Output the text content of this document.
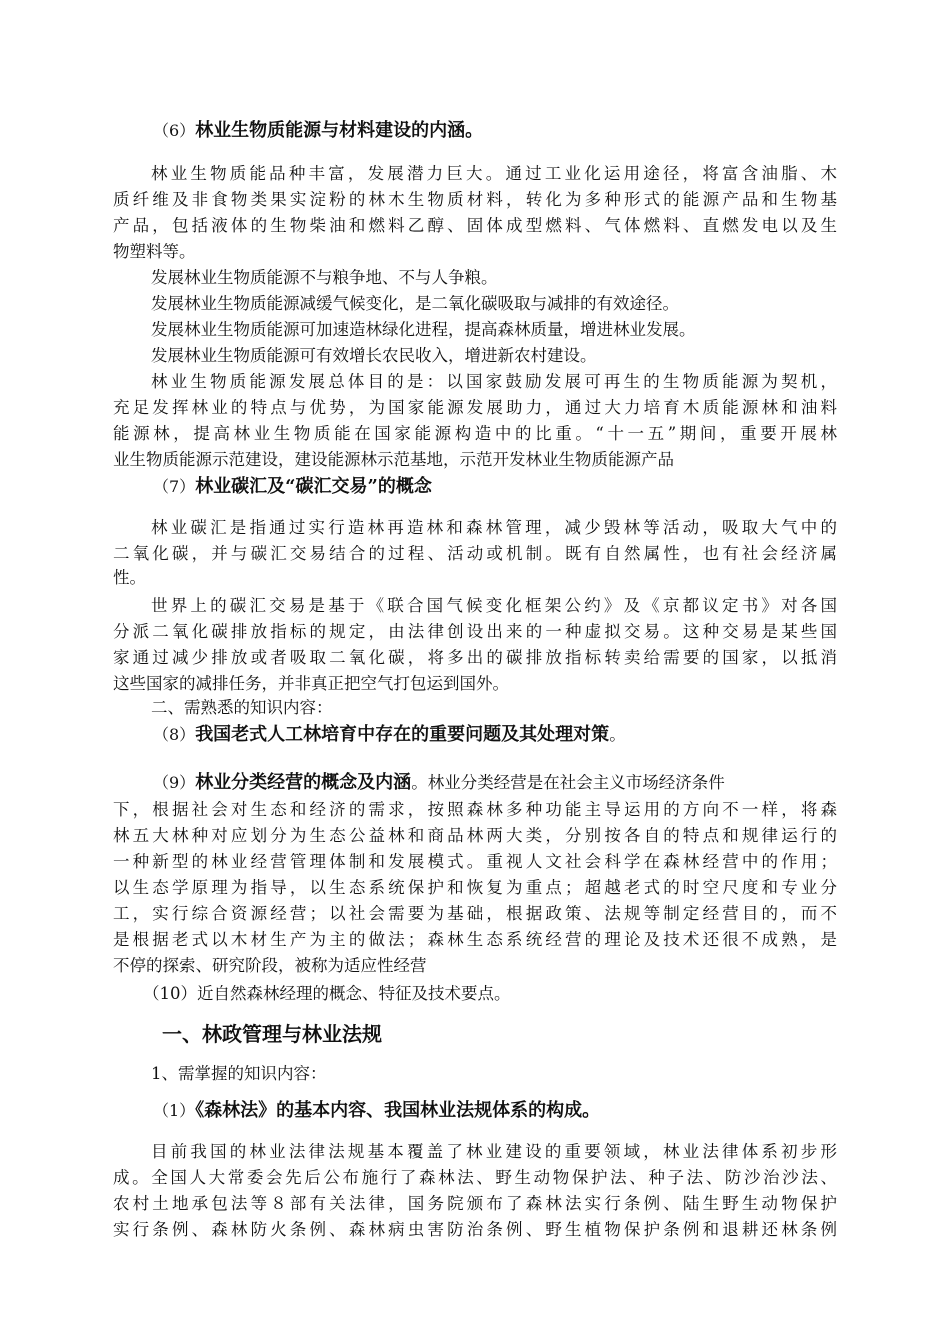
（6）林业生物质能源与材料建设的内涵。
林业生物质能品种丰富，发展潜力巨大。通过工业化运用途径，将富含油脂、木
质纤维及非食物类果实淀粉的林木生物质材料，转化为多种形式的能源产品和生物基
产品，包括液体的生物柴油和燃料乙醇、固体成型燃料、气体燃料、直燃发电以及生
物塑料等。
发展林业生物质能源不与粮争地、不与人争粮。
发展林业生物质能源减缓气候变化，是二氧化碳吸取与减排的有效途径。
发展林业生物质能源可加速造林绿化进程，提高森林质量，增进林业发展。
发展林业生物质能源可有效增长农民收入，增进新农村建设。
林业生物质能源发展总体目的是：以国家鼓励发展可再生的生物质能源为契机，
充足发挥林业的特点与优势，为国家能源发展助力，通过大力培育木质能源林和油料
能源林，提高林业生物质能在国家能源构造中的比重。“十一五”期间，重要开展林
业生物质能源示范建设，建设能源林示范基地，示范开发林业生物质能源产品
（7）林业碳汇及“碳汇交易”的概念
林业碳汇是指通过实行造林再造林和森林管理，减少毁林等活动，吸取大气中的
二氧化碳，并与碳汇交易结合的过程、活动或机制。既有自然属性，也有社会经济属
性。
世界上的碳汇交易是基于《联合国气候变化框架公约》及《京都议定书》对各国
分派二氧化碳排放指标的规定，由法律创设出来的一种虚拟交易。这种交易是某些国
家通过减少排放或者吸取二氧化碳，将多出的碳排放指标转卖给需要的国家，以抵消
这些国家的减排任务，并非真正把空气打包运到国外。
二、需熟悉的知识内容：
（8）我国老式人工林培育中存在的重要问题及其处理对策。
（9）林业分类经营的概念及内涵。林业分类经营是在社会主义市场经济条件
下，根据社会对生态和经济的需求，按照森林多种功能主导运用的方向不一样，将森
林五大林种对应划分为生态公益林和商品林两大类，分别按各自的特点和规律运行的
一种新型的林业经营管理体制和发展模式。重视人文社会科学在森林经营中的作用；
以生态学原理为指导，以生态系统保护和恢复为重点；超越老式的时空尺度和专业分
工，实行综合资源经营；以社会需要为基础，根据政策、法规等制定经营目的，而不
是根据老式以木材生产为主的做法；森林生态系统经营的理论及技术还很不成熟，是
不停的探索、研究阶段，被称为适应性经营
（10）近自然森林经理的概念、特征及技术要点。
一、林政管理与林业法规
1、需掌握的知识内容：
（1）《森林法》的基本内容、我国林业法规体系的构成。
目前我国的林业法律法规基本覆盖了林业建设的重要领域，林业法律体系初步形
成。全国人大常委会先后公布施行了森林法、野生动物保护法、种子法、防沙治沙法、
农村土地承包法等８部有关法律，国务院颁布了森林法实行条例、陆生野生动物保护
实行条例、森林防火条例、森林病虫害防治条例、野生植物保护条例和退耕还林条例
